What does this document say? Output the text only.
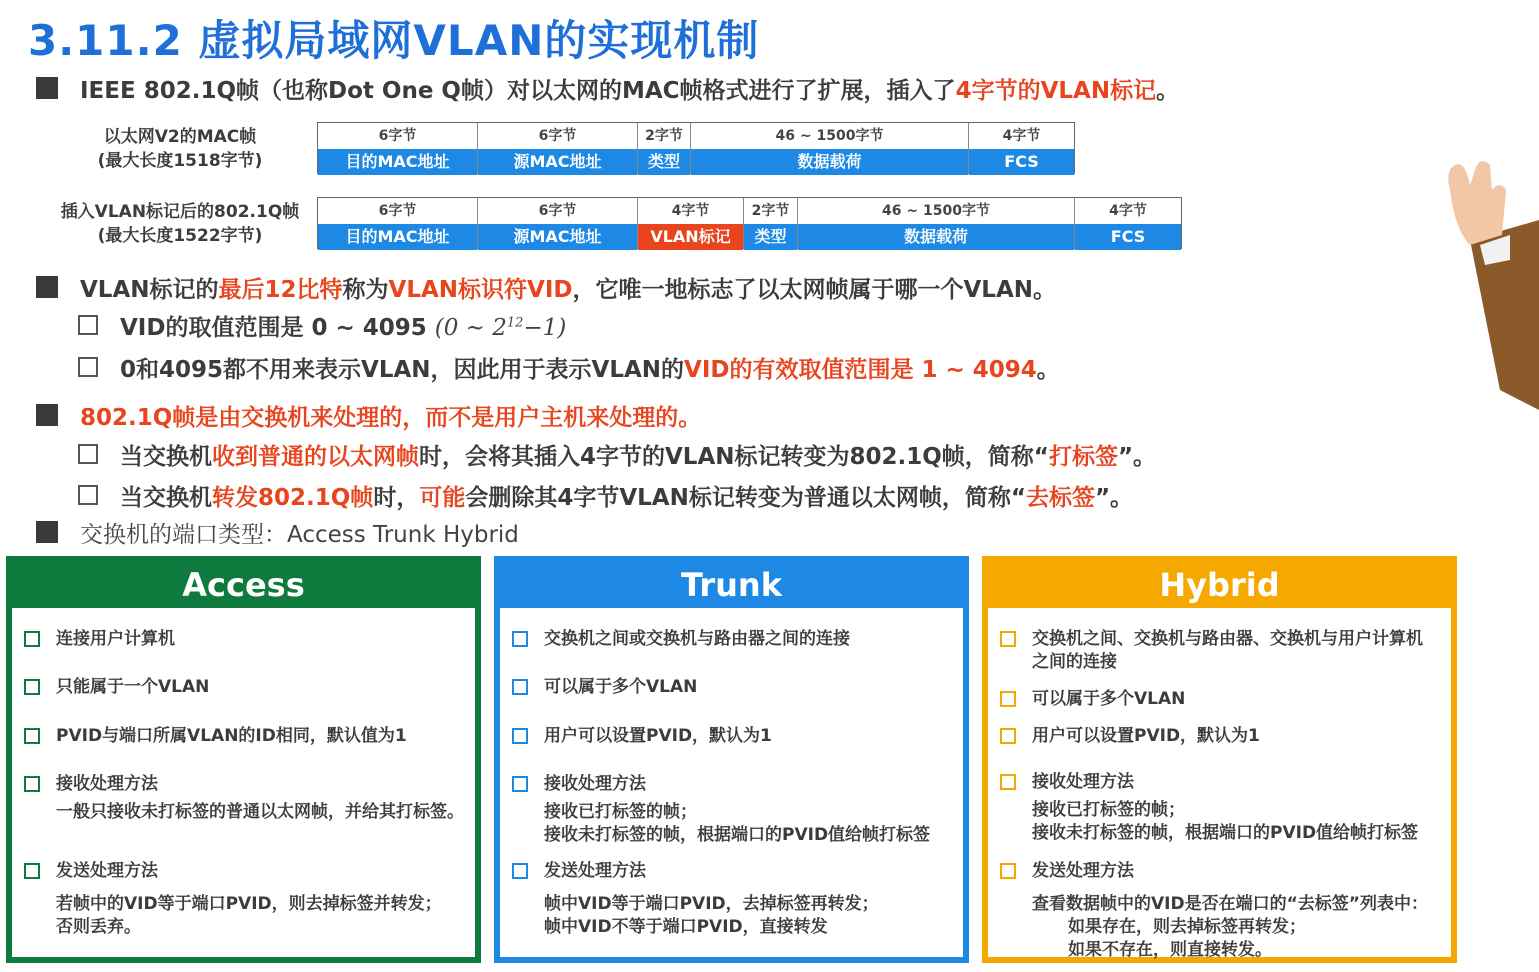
3.11.2 虚拟局域网VLAN的实现机制
IEEE 802.1Q帧（也称Dot One Q帧）对以太网的MAC帧格式进行了扩展，插入了4字节的VLAN标记。
以太网V2的MAC帧
(最大长度1518字节)
6字节
目的MAC地址
6字节
源MAC地址
2字节
类型
46 ~ 1500字节
数据载荷
4字节
FCS
插入VLAN标记后的802.1Q帧
(最大长度1522字节)
6字节
目的MAC地址
6字节
源MAC地址
4字节
VLAN标记
2字节
类型
46 ~ 1500字节
数据载荷
4字节
FCS
VLAN标记的最后12比特称为VLAN标识符VID，它唯一地标志了以太网帧属于哪一个VLAN。
VID的取值范围是 0 ~ 4095 (0 ~ $2^{12}-1$)
0和4095都不用来表示VLAN，因此用于表示VLAN的VID的有效取值范围是 1 ~ 4094。
802.1Q帧是由交换机来处理的，而不是用户主机来处理的。
当交换机收到普通的以太网帧时，会将其插入4字节的VLAN标记转变为802.1Q帧，简称“打标签”。
当交换机转发802.1Q帧时，可能会删除其4字节VLAN标记转变为普通以太网帧，简称“去标签”。
交换机的端口类型：Access Trunk Hybrid
Access
连接用户计算机
只能属于一个VLAN
PVID与端口所属VLAN的ID相同，默认值为1
接收处理方法
一般只接收未打标签的普通以太网帧，并给其打标签。
发送处理方法
若帧中的VID等于端口PVID，则去掉标签并转发；
否则丢弃。
Trunk
交换机之间或交换机与路由器之间的连接
可以属于多个VLAN
用户可以设置PVID，默认为1
接收处理方法
接收已打标签的帧；
接收未打标签的帧，根据端口的PVID值给帧打标签
发送处理方法
帧中VID等于端口PVID，去掉标签再转发；
帧中VID不等于端口PVID，直接转发
Hybrid
交换机之间、交换机与路由器、交换机与用户计算机
之间的连接
可以属于多个VLAN
用户可以设置PVID，默认为1
接收处理方法
接收已打标签的帧；
接收未打标签的帧，根据端口的PVID值给帧打标签
发送处理方法
查看数据帧中的VID是否在端口的“去标签”列表中：
如果存在，则去掉标签再转发；
如果不存在，则直接转发。
